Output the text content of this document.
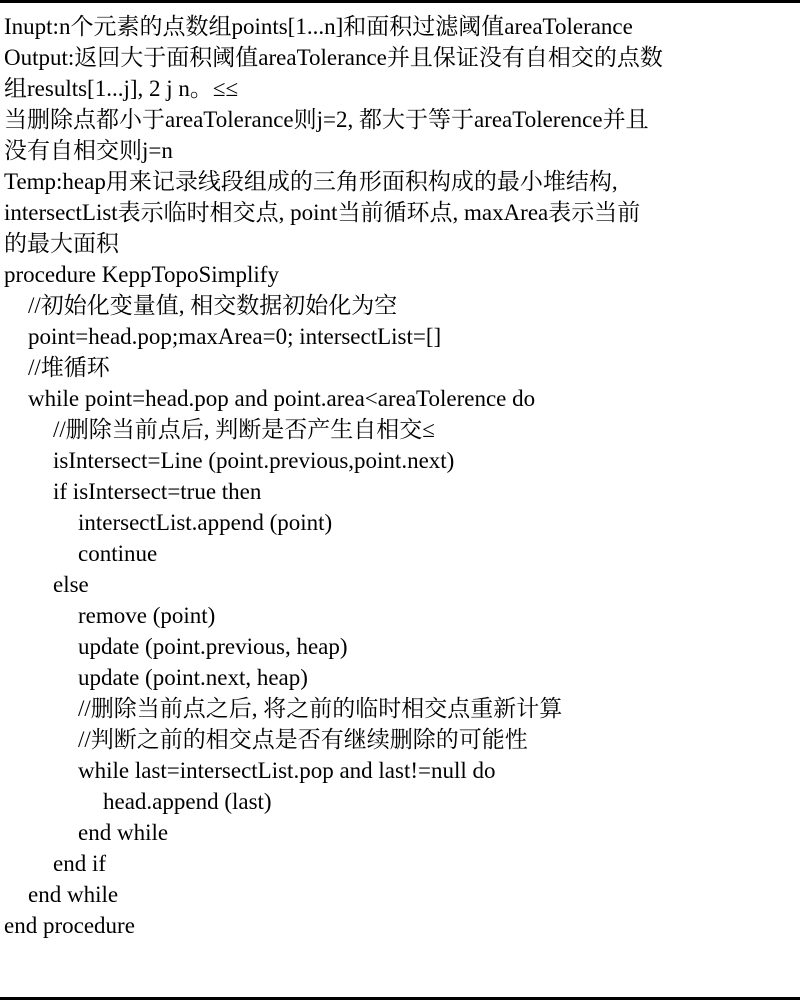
Inupt:n个元素的点数组points[1...n]和面积过滤阈值areaTolerance
Output:返回大于面积阈值areaTolerance并且保证没有自相交的点数
组results[1...j], 2 j n。≤≤
当删除点都小于areaTolerance则j=2, 都大于等于areaTolerence并且
没有自相交则j=n
Temp:heap用来记录线段组成的三角形面积构成的最小堆结构,
intersectList表示临时相交点, point当前循环点, maxArea表示当前
的最大面积
procedure KeppTopoSimplify
//初始化变量值, 相交数据初始化为空
point=head.pop;maxArea=0; intersectList=[]
//堆循环
while point=head.pop and point.area<areaTolerence do
//删除当前点后, 判断是否产生自相交≤
isIntersect=Line (point.previous,point.next)
if isIntersect=true then
intersectList.append (point)
continue
else
remove (point)
update (point.previous, heap)
update (point.next, heap)
//删除当前点之后, 将之前的临时相交点重新计算
//判断之前的相交点是否有继续删除的可能性
while last=intersectList.pop and last!=null do
head.append (last)
end while
end if
end while
end procedure
